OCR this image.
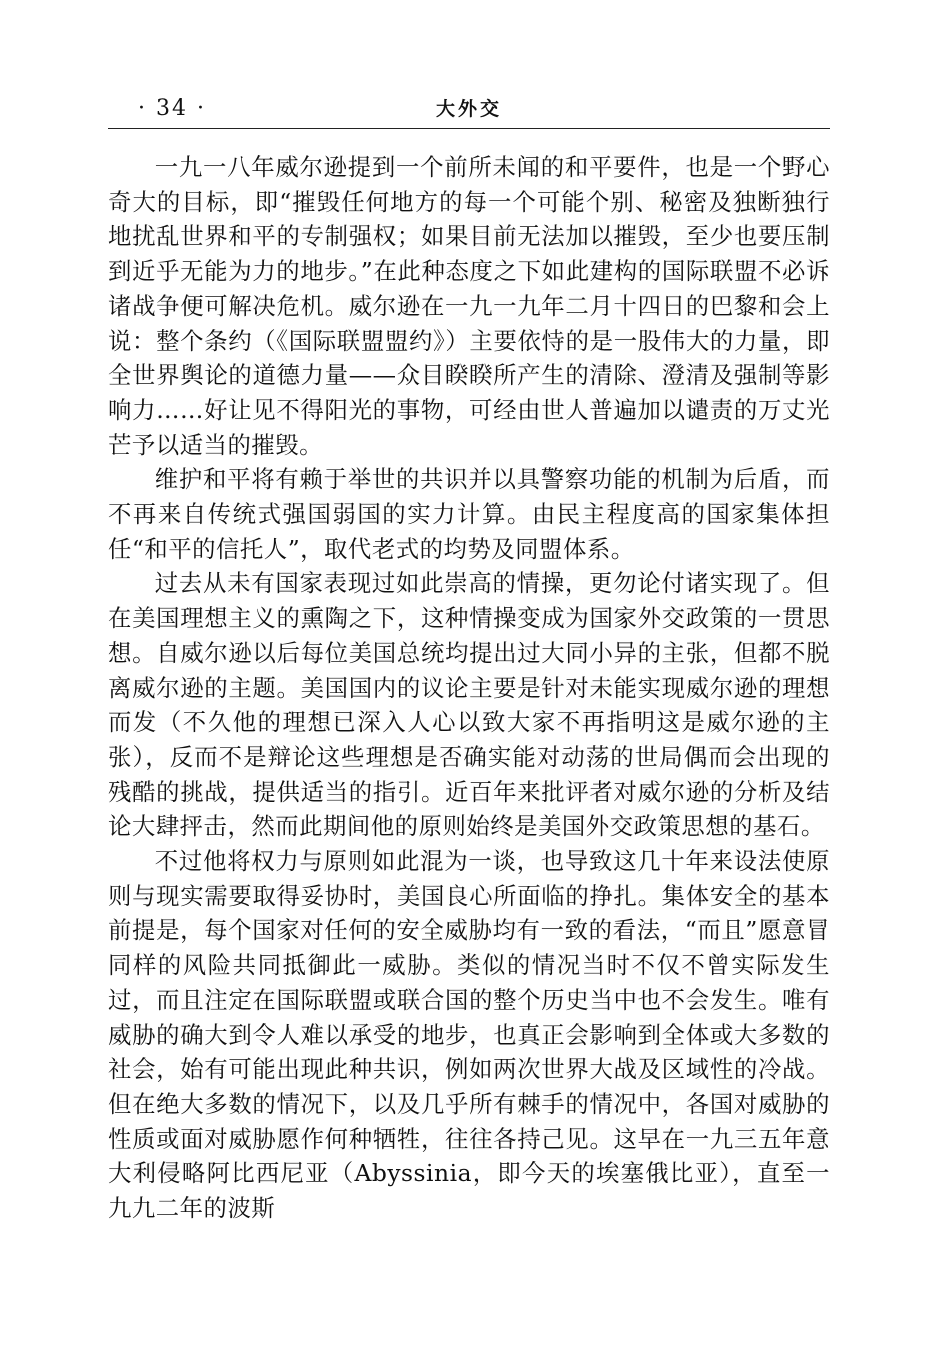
· 34 ·	大外交

一九一八年威尔逊提到一个前所未闻的和平要件，也是一个野心奇大的目标，即“摧毁任何地方的每一个可能个别、秘密及独断独行地扰乱世界和平的专制强权；如果目前无法加以摧毁，至少也要压制到近乎无能为力的地步。”在此种态度之下如此建构的国际联盟不必诉诸战争便可解决危机。威尔逊在一九一九年二月十四日的巴黎和会上说：整个条约（《国际联盟盟约》）主要依恃的是一股伟大的力量，即全世界舆论的道德力量——众目睽睽所产生的清除、澄清及强制等影响力……好让见不得阳光的事物，可经由世人普遍加以谴责的万丈光芒予以适当的摧毁。

维护和平将有赖于举世的共识并以具警察功能的机制为后盾，而不再来自传统式强国弱国的实力计算。由民主程度高的国家集体担任“和平的信托人”，取代老式的均势及同盟体系。

过去从未有国家表现过如此崇高的情操，更勿论付诸实现了。但在美国理想主义的熏陶之下，这种情操变成为国家外交政策的一贯思想。自威尔逊以后每位美国总统均提出过大同小异的主张，但都不脱离威尔逊的主题。美国国内的议论主要是针对未能实现威尔逊的理想而发（不久他的理想已深入人心以致大家不再指明这是威尔逊的主张），反而不是辩论这些理想是否确实能对动荡的世局偶而会出现的残酷的挑战，提供适当的指引。近百年来批评者对威尔逊的分析及结论大肆抨击，然而此期间他的原则始终是美国外交政策思想的基石。

不过他将权力与原则如此混为一谈，也导致这几十年来设法使原则与现实需要取得妥协时，美国良心所面临的挣扎。集体安全的基本前提是，每个国家对任何的安全威胁均有一致的看法，“而且”愿意冒同样的风险共同抵御此一威胁。类似的情况当时不仅不曾实际发生过，而且注定在国际联盟或联合国的整个历史当中也不会发生。唯有威胁的确大到令人难以承受的地步，也真正会影响到全体或大多数的社会，始有可能出现此种共识，例如两次世界大战及区域性的冷战。但在绝大多数的情况下，以及几乎所有棘手的情况中，各国对威胁的性质或面对威胁愿作何种牺牲，往往各持己见。这早在一九三五年意大利侵略阿比西尼亚（Abyssinia，即今天的埃塞俄比亚），直至一九九二年的波斯
